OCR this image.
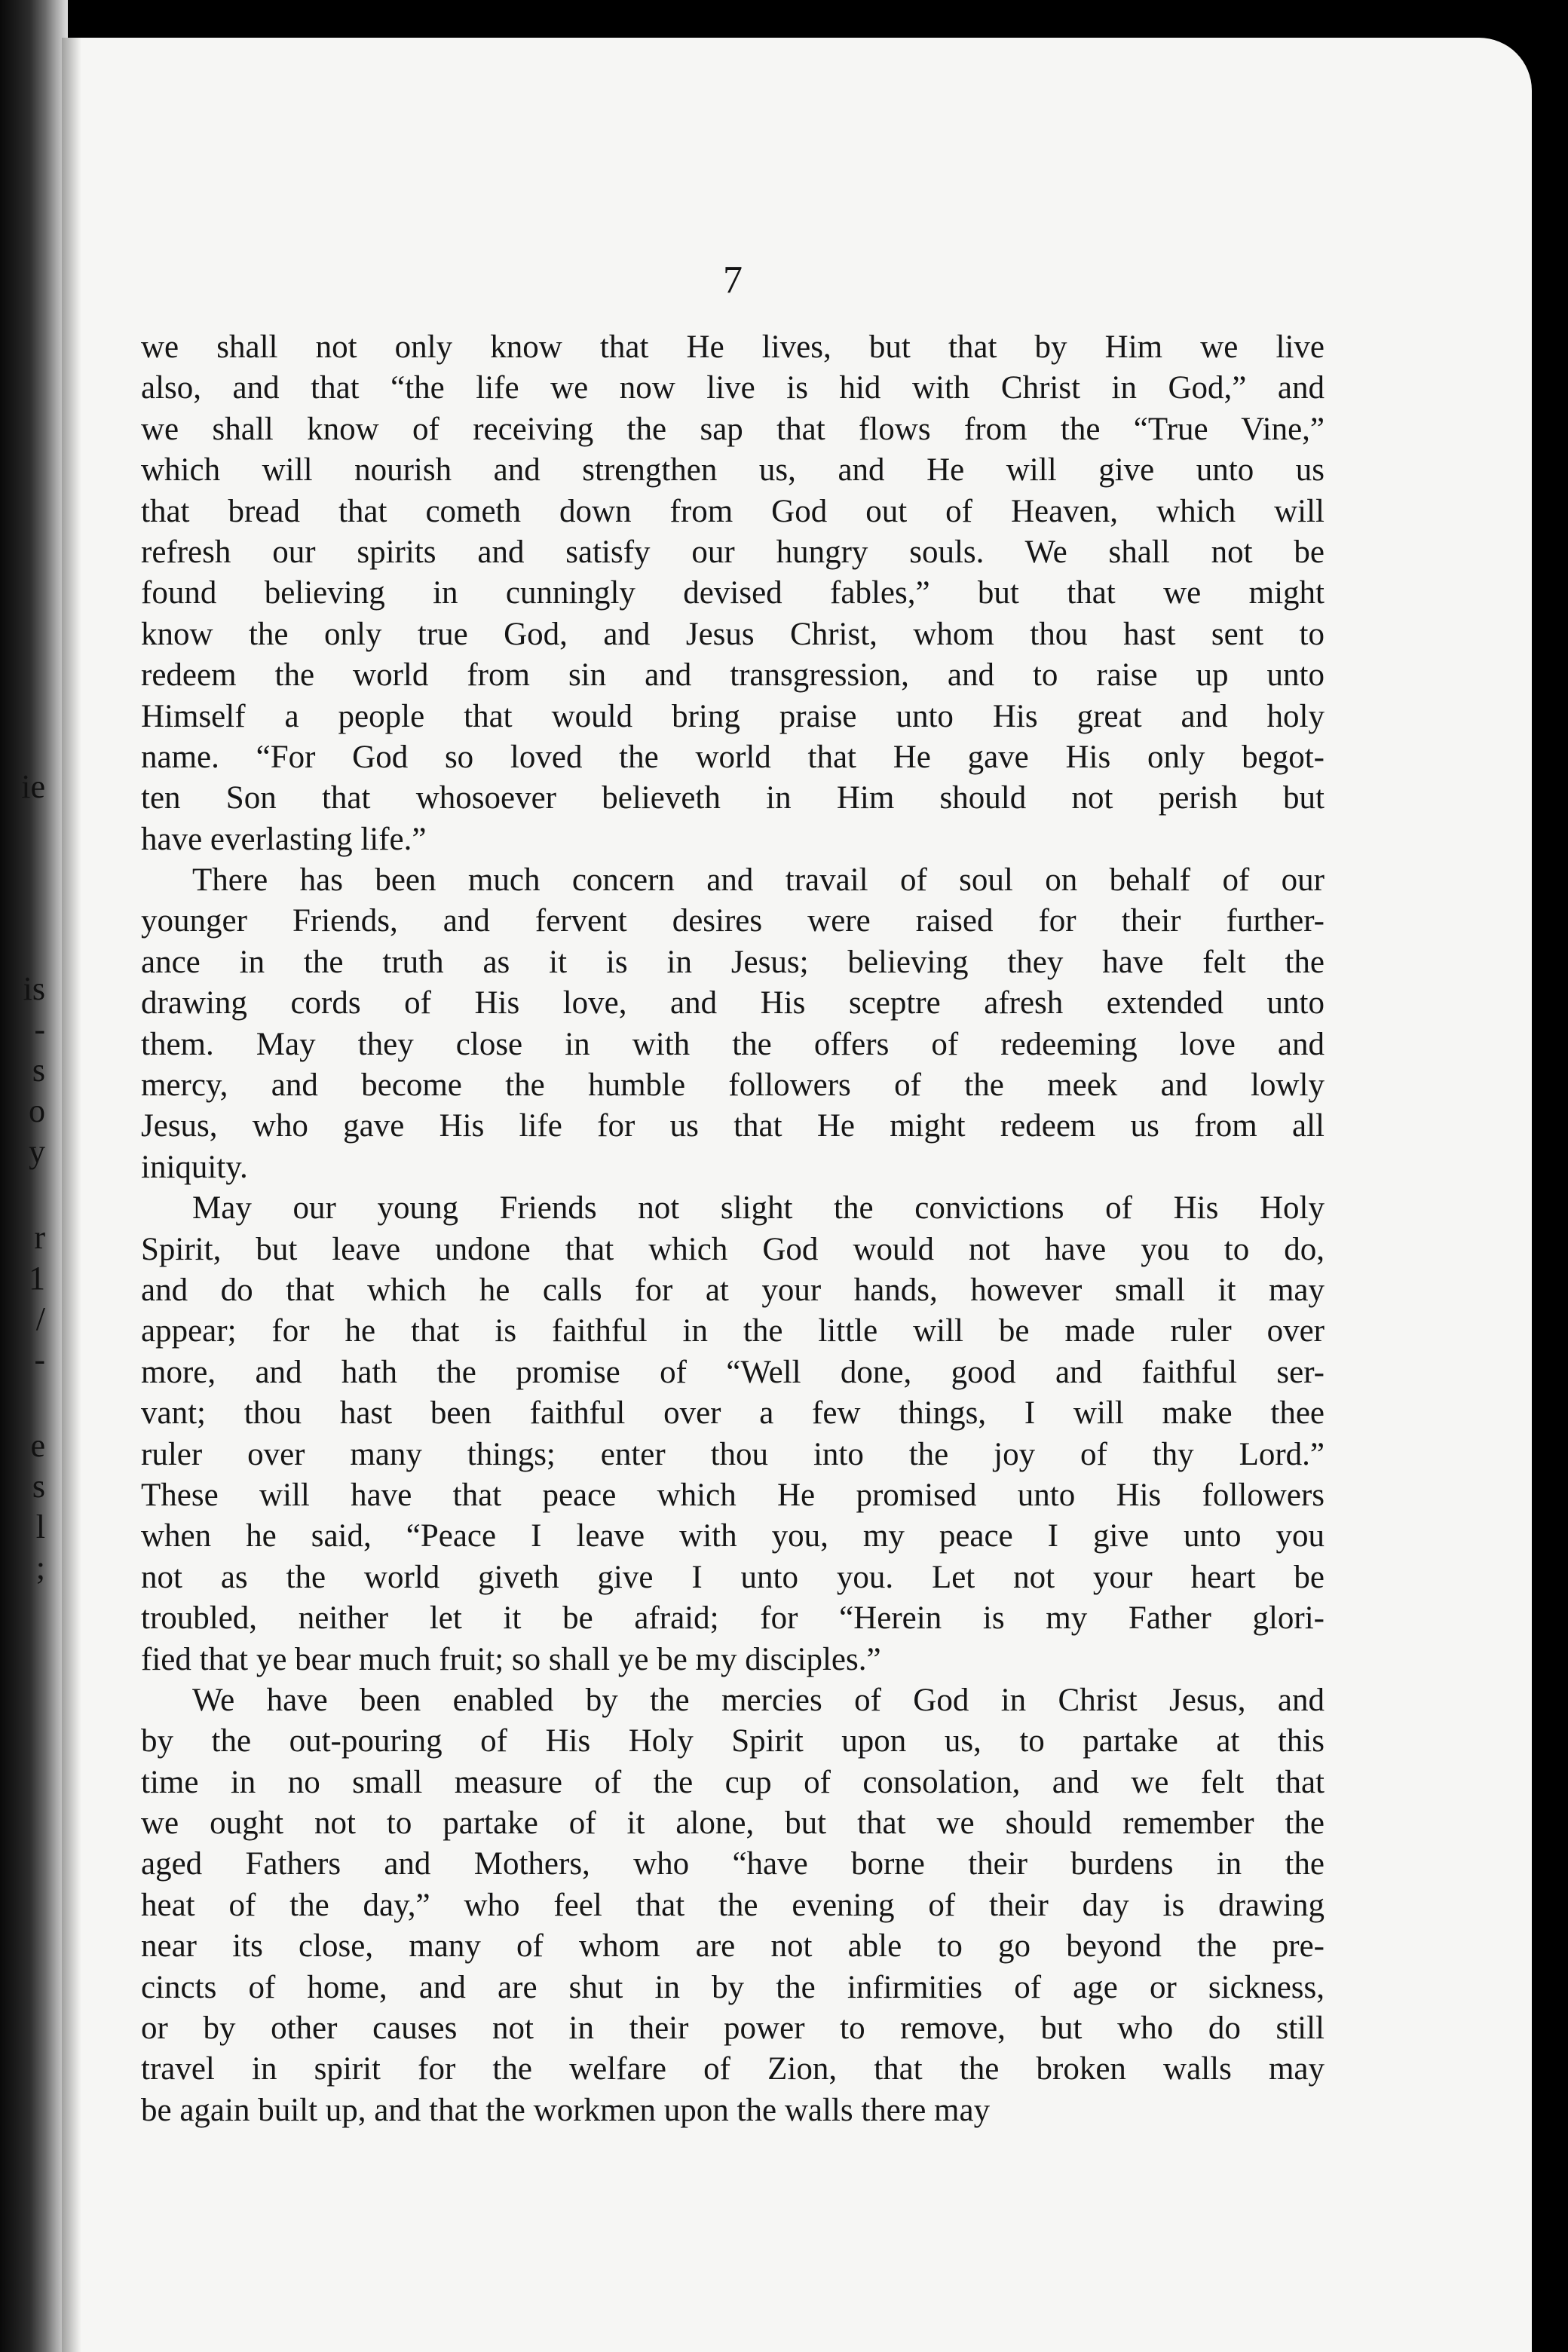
ie
is
-
s
o
y
r
1
/
-
e
s
l
;
7
we shall not only know that He lives, but that by Him we live
also, and that “the life we now live is hid with Christ in God,” and
we shall know of receiving the sap that flows from the “True Vine,”
which will nourish and strengthen us, and He will give unto us
that bread that cometh down from God out of Heaven, which will
refresh our spirits and satisfy our hungry souls. We shall not be
found believing in cunningly devised fables,” but that we might
know the only true God, and Jesus Christ, whom thou hast sent to
redeem the world from sin and transgression, and to raise up unto
Himself a people that would bring praise unto His great and holy
name. “For God so loved the world that He gave His only begot-
ten Son that whosoever believeth in Him should not perish but
have everlasting life.”
There has been much concern and travail of soul on behalf of our
younger Friends, and fervent desires were raised for their further-
ance in the truth as it is in Jesus; believing they have felt the
drawing cords of His love, and His sceptre afresh extended unto
them. May they close in with the offers of redeeming love and
mercy, and become the humble followers of the meek and lowly
Jesus, who gave His life for us that He might redeem us from all
iniquity.
May our young Friends not slight the convictions of His Holy
Spirit, but leave undone that which God would not have you to do,
and do that which he calls for at your hands, however small it may
appear; for he that is faithful in the little will be made ruler over
more, and hath the promise of “Well done, good and faithful ser-
vant; thou hast been faithful over a few things, I will make thee
ruler over many things; enter thou into the joy of thy Lord.”
These will have that peace which He promised unto His followers
when he said, “Peace I leave with you, my peace I give unto you
not as the world giveth give I unto you. Let not your heart be
troubled, neither let it be afraid; for “Herein is my Father glori-
fied that ye bear much fruit; so shall ye be my disciples.”
We have been enabled by the mercies of God in Christ Jesus, and
by the out-pouring of His Holy Spirit upon us, to partake at this
time in no small measure of the cup of consolation, and we felt that
we ought not to partake of it alone, but that we should remember the
aged Fathers and Mothers, who “have borne their burdens in the
heat of the day,” who feel that the evening of their day is drawing
near its close, many of whom are not able to go beyond the pre-
cincts of home, and are shut in by the infirmities of age or sickness,
or by other causes not in their power to remove, but who do still
travel in spirit for the welfare of Zion, that the broken walls may
be again built up, and that the workmen upon the walls there may
